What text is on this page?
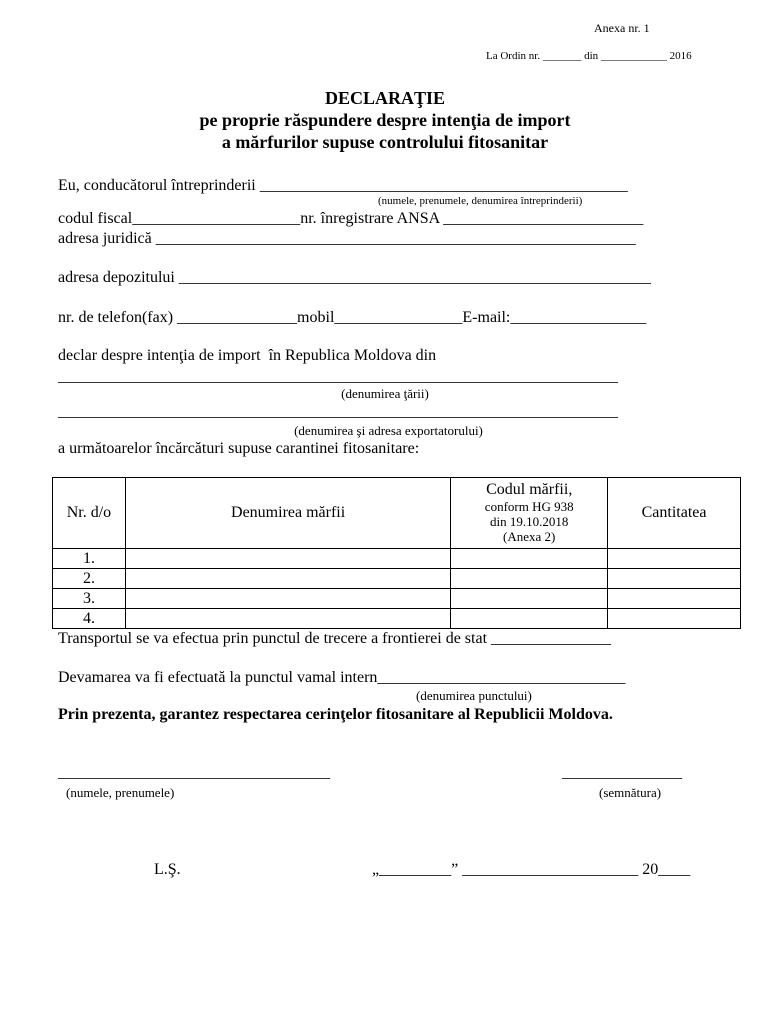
Anexa nr. 1
La Ordin nr. _______ din ____________ 2016
DECLARAŢIE
pe proprie răspundere despre intenţia de import
a mărfurilor supuse controlului fitosanitar
Eu, conducătorul întreprinderii ______________________________________________
(numele, prenumele, denumirea întreprinderii)
codul fiscal_____________________nr. înregistrare ANSA _________________________
adresa juridică ____________________________________________________________
adresa depozitului ___________________________________________________________
nr. de telefon(fax) _______________mobil________________E-mail:_________________
declar despre intenţia de import  în Republica Moldova din
______________________________________________________________________
(denumirea ţării)
______________________________________________________________________
(denumirea şi adresa exportatorului)
a următoarelor încărcături supuse carantinei fitosanitare:
Nr. d/o	Denumirea mărfii	Codul mărfii,
conform HG 938
din 19.10.2018
(Anexa 2)	Cantitatea
1.			
2.			
3.			
4.			
Transportul se va efectua prin punctul de trecere a frontierei de stat _______________
Devamarea va fi efectuată la punctul vamal intern_______________________________
(denumirea punctului)
Prin prezenta, garantez respectarea cerinţelor fitosanitare al Republicii Moldova.
__________________________________
(numele, prenumele)
_______________
(semnătura)
L.Ş.	„_________” ______________________ 20____
